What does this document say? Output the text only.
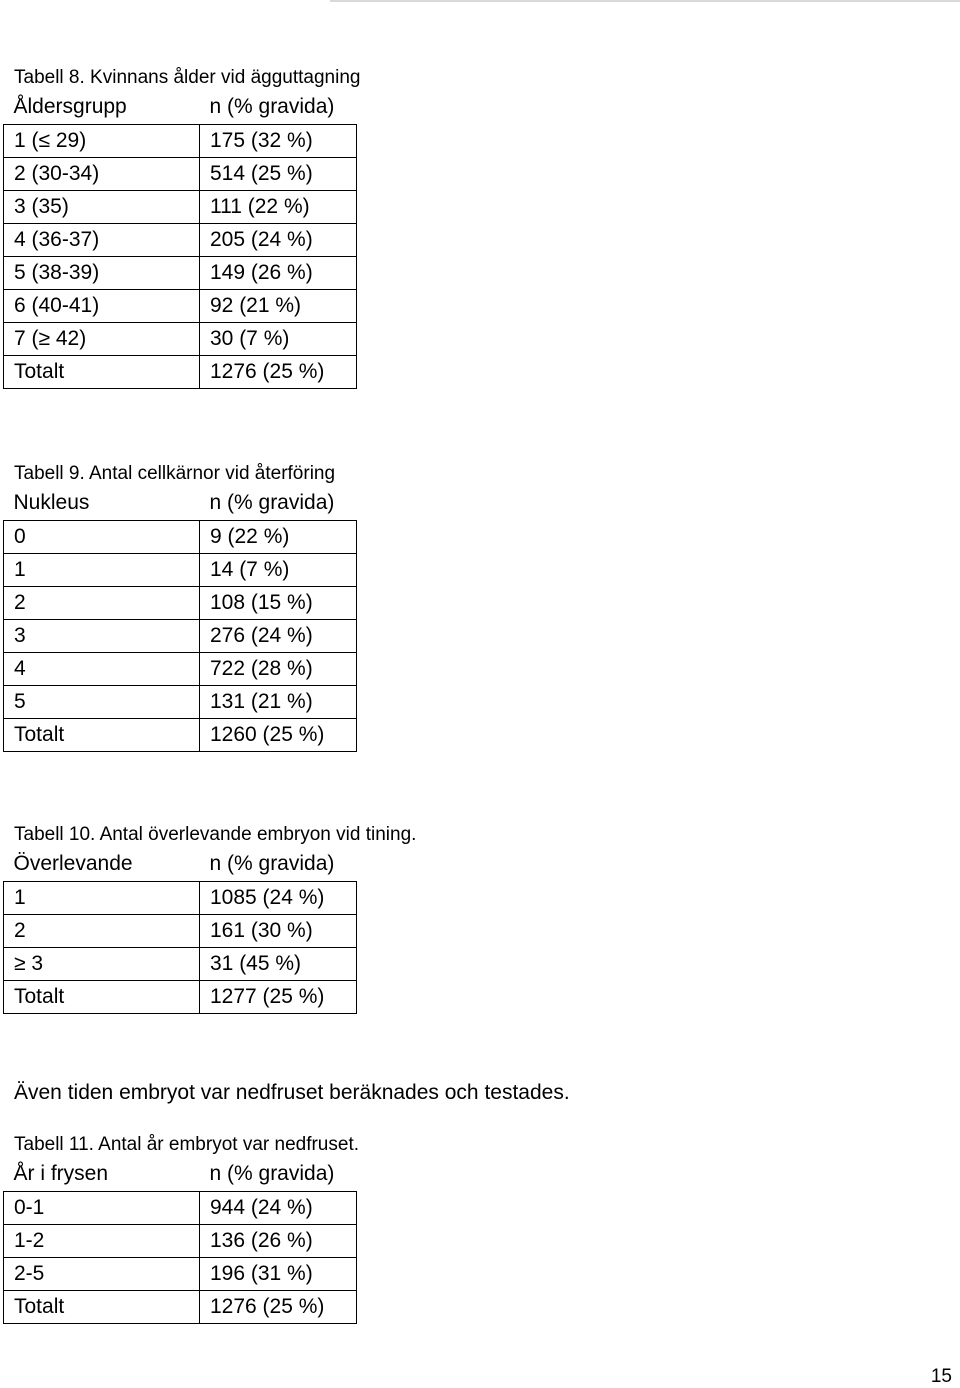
Tabell 8. Kvinnans ålder vid ägguttagning
Åldersgrupp	n (% gravida)
1 (≤ 29)	175 (32 %)
2 (30-34)	514 (25 %)
3 (35)	111 (22 %)
4 (36-37)	205 (24 %)
5 (38-39)	149 (26 %)
6 (40-41)	92 (21 %)
7 (≥ 42)	30 (7 %)
Totalt	1276 (25 %)
Tabell 9. Antal cellkärnor vid återföring
Nukleus	n (% gravida)
0	9 (22 %)
1	14 (7 %)
2	108 (15 %)
3	276 (24 %)
4	722 (28 %)
5	131 (21 %)
Totalt	1260 (25 %)
Tabell 10. Antal överlevande embryon vid tining.
Överlevande	n (% gravida)
1	1085 (24 %)
2	161 (30 %)
≥ 3	31 (45 %)
Totalt	1277 (25 %)
Även tiden embryot var nedfruset beräknades och testades.
Tabell 11. Antal år embryot var nedfruset.
År i frysen	n (% gravida)
0-1	944 (24 %)
1-2	136 (26 %)
2-5	196 (31 %)
Totalt	1276 (25 %)
15
